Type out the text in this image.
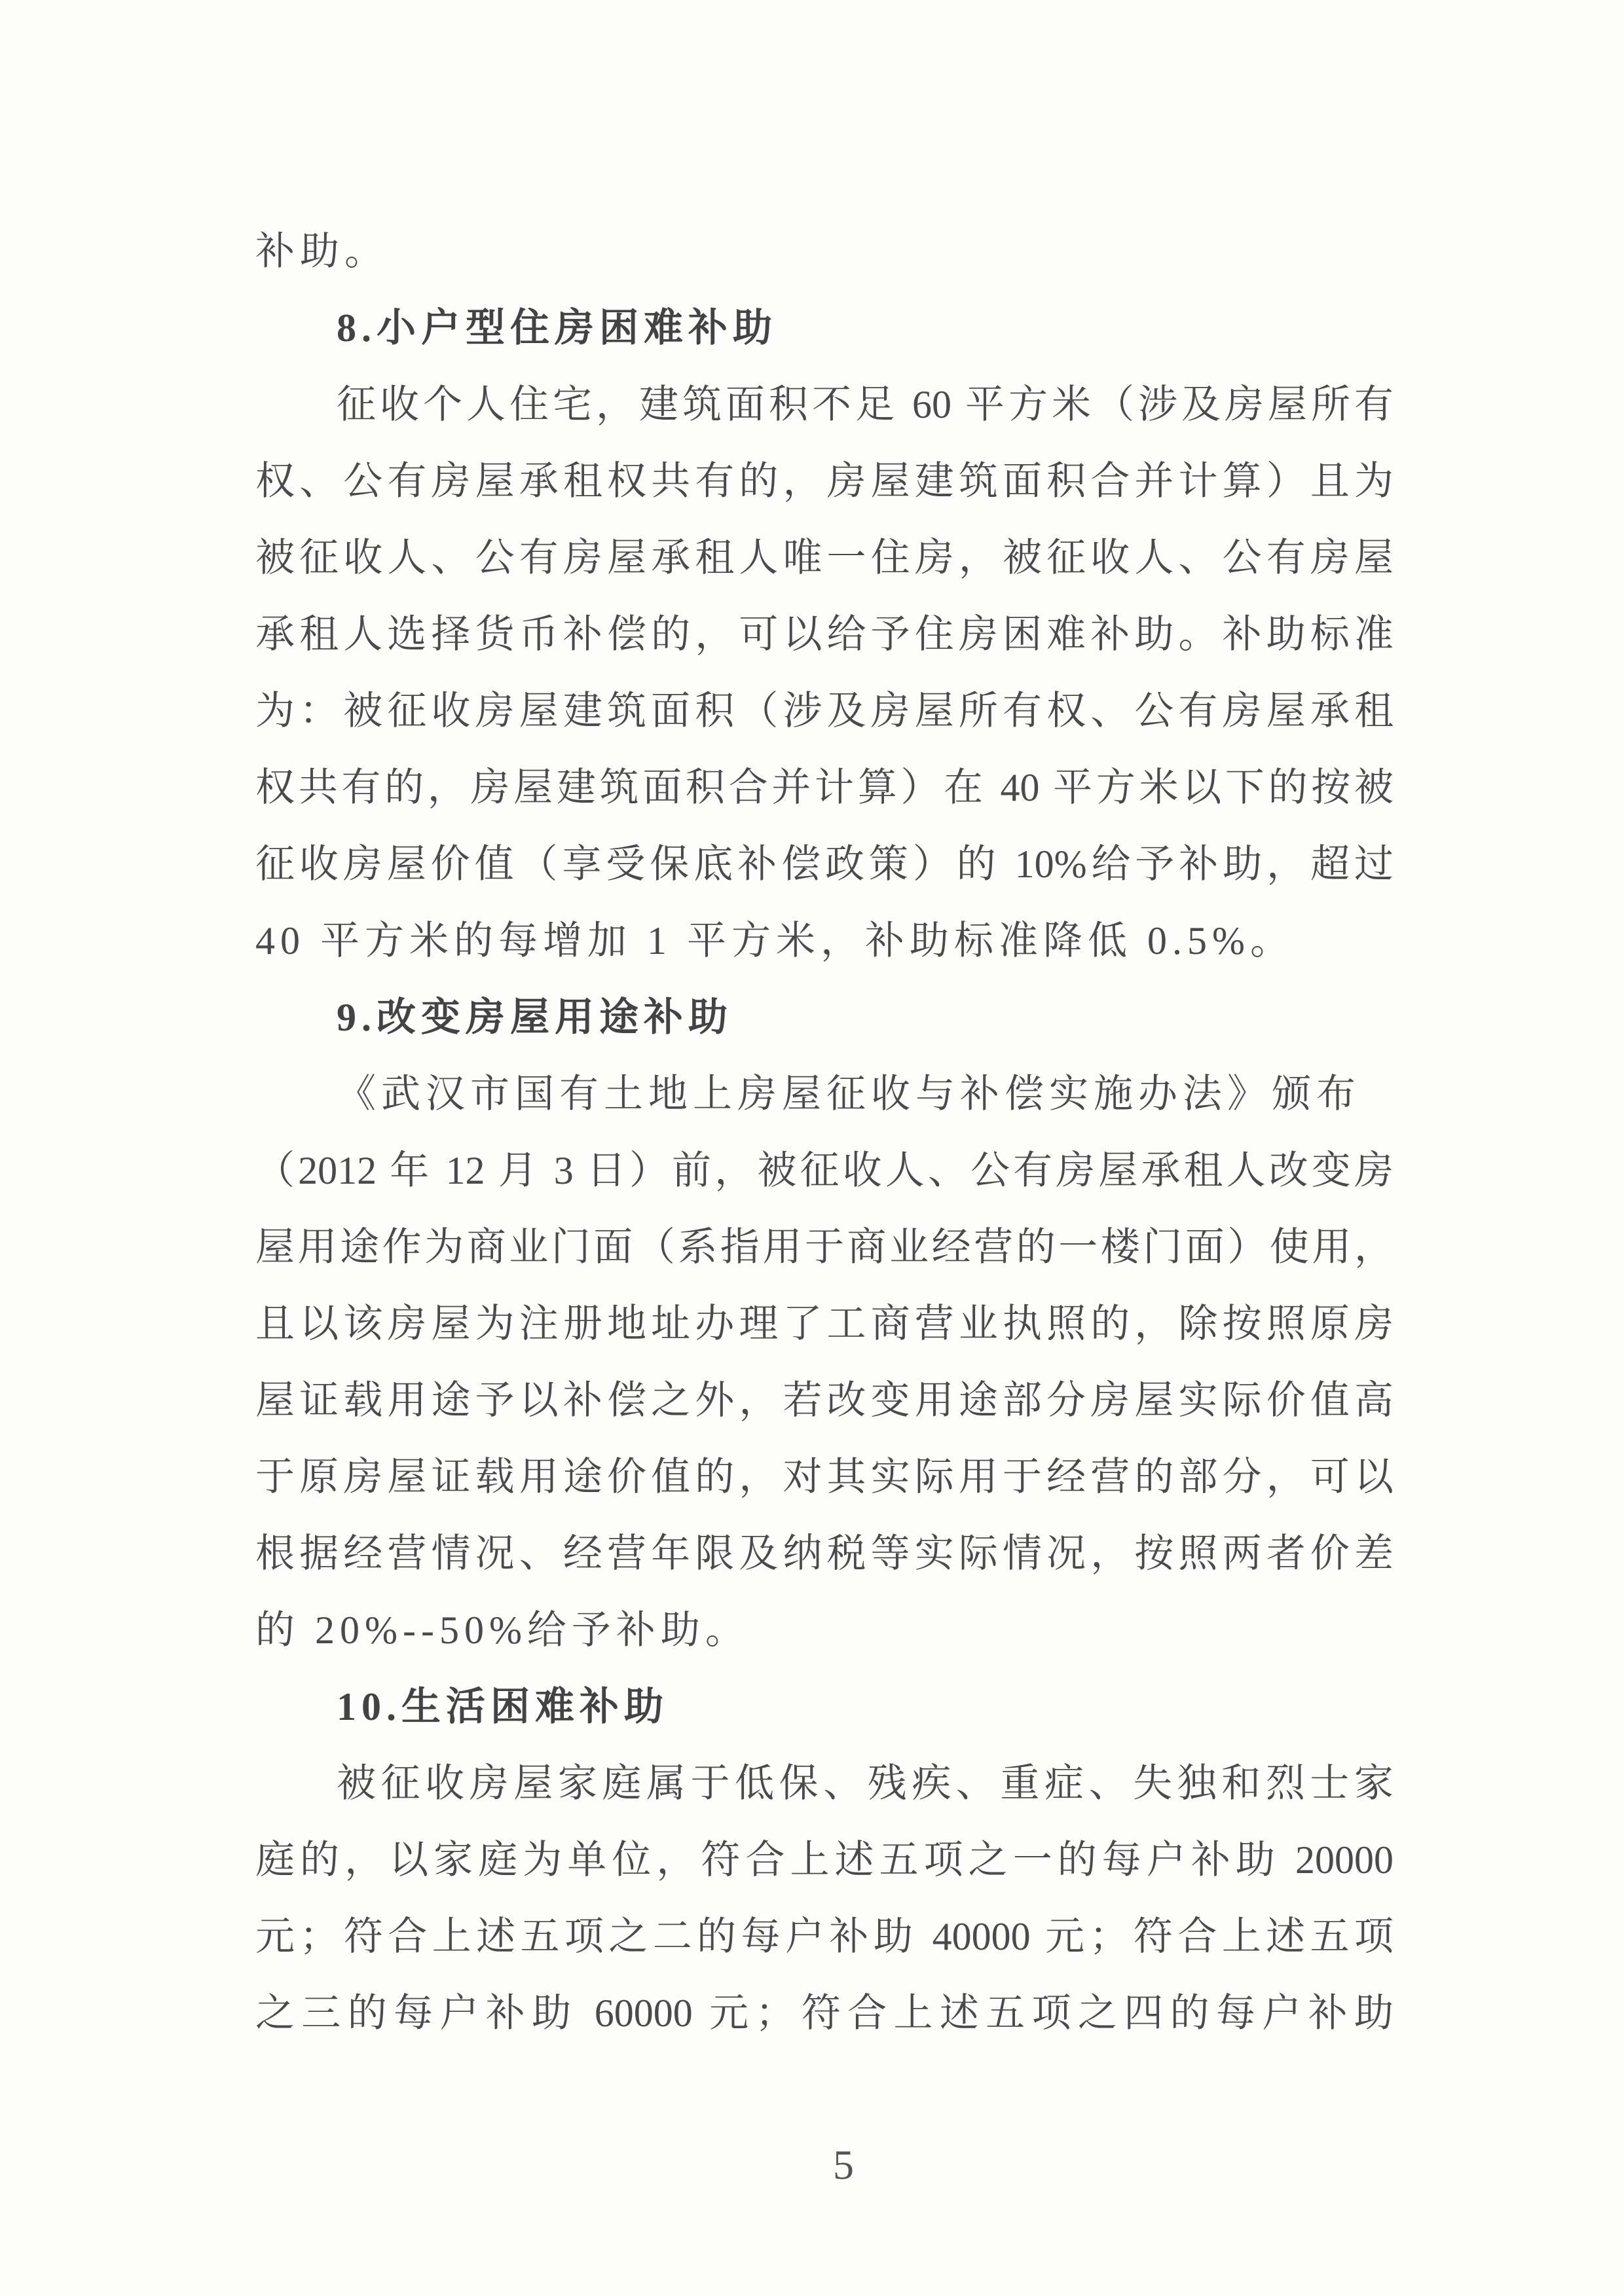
补助。
8.小户型住房困难补助
征收个人住宅，建筑面积不足 60 平方米（涉及房屋所有
权、公有房屋承租权共有的，房屋建筑面积合并计算）且为
被征收人、公有房屋承租人唯一住房，被征收人、公有房屋
承租人选择货币补偿的，可以给予住房困难补助。补助标准
为：被征收房屋建筑面积（涉及房屋所有权、公有房屋承租
权共有的，房屋建筑面积合并计算）在 40 平方米以下的按被
征收房屋价值（享受保底补偿政策）的 10%给予补助，超过
40 平方米的每增加 1 平方米，补助标准降低 0.5%。
9.改变房屋用途补助
《武汉市国有土地上房屋征收与补偿实施办法》颁布
（2012 年 12 月 3 日）前，被征收人、公有房屋承租人改变房
屋用途作为商业门面（系指用于商业经营的一楼门面）使用，
且以该房屋为注册地址办理了工商营业执照的，除按照原房
屋证载用途予以补偿之外，若改变用途部分房屋实际价值高
于原房屋证载用途价值的，对其实际用于经营的部分，可以
根据经营情况、经营年限及纳税等实际情况，按照两者价差
的 20%--50%给予补助。
10.生活困难补助
被征收房屋家庭属于低保、残疾、重症、失独和烈士家
庭的，以家庭为单位，符合上述五项之一的每户补助 20000
元；符合上述五项之二的每户补助 40000 元；符合上述五项
之三的每户补助 60000 元；符合上述五项之四的每户补助
5
